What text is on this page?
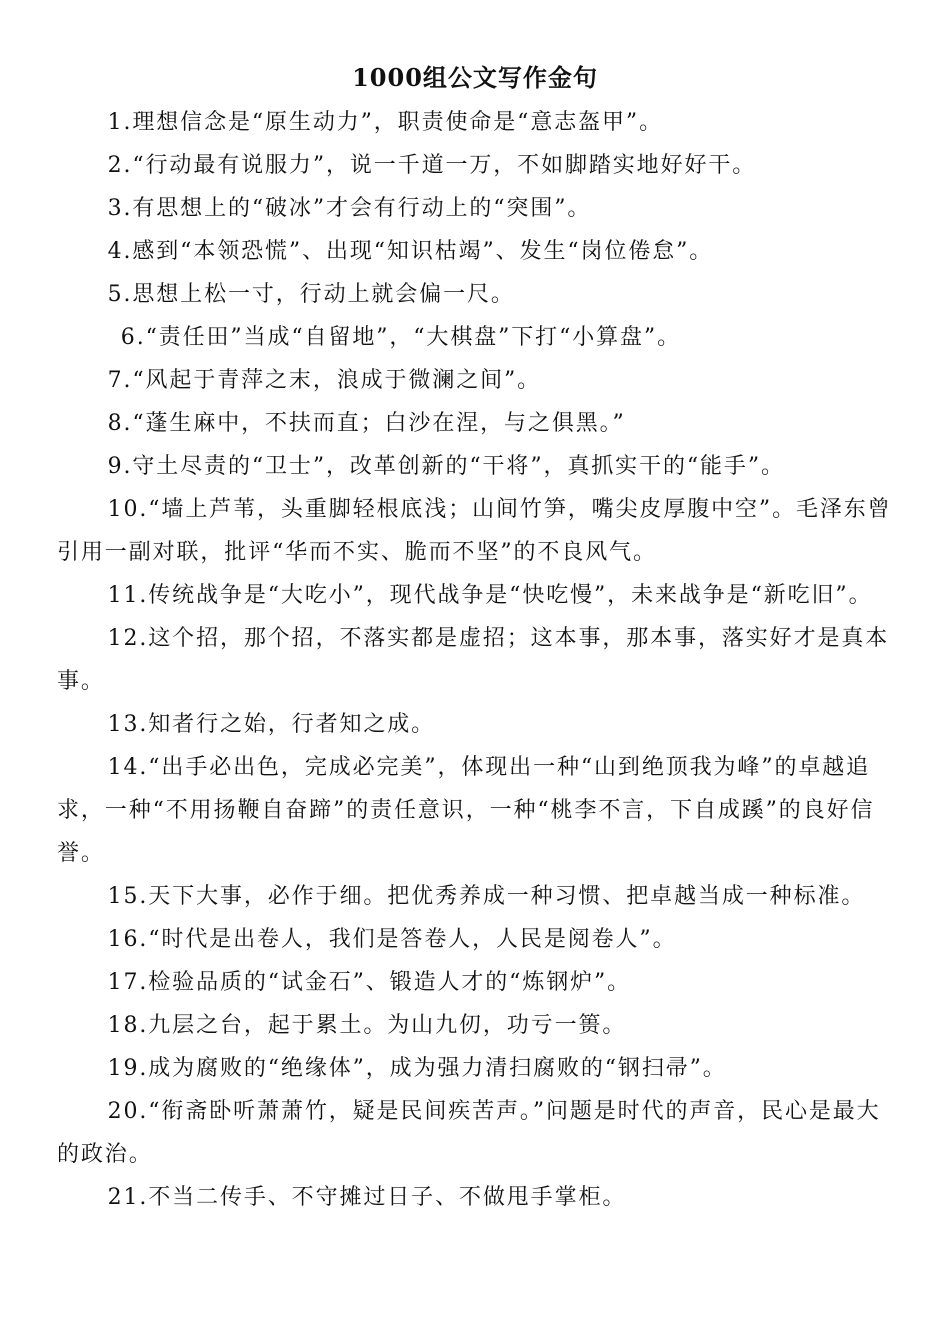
1000组公文写作金句

1.理想信念是“原生动力”，职责使命是“意志盔甲”。

2.“行动最有说服力”，说一千道一万，不如脚踏实地好好干。

3.有思想上的“破冰”才会有行动上的“突围”。

4.感到“本领恐慌”、出现“知识枯竭”、发生“岗位倦怠”。

5.思想上松一寸，行动上就会偏一尺。

6.“责任田”当成“自留地”，“大棋盘”下打“小算盘”。

7.“风起于青萍之末，浪成于微澜之间”。

8.“蓬生麻中，不扶而直；白沙在涅，与之俱黑。”

9.守土尽责的“卫士”，改革创新的“干将”，真抓实干的“能手”。

10.“墙上芦苇，头重脚轻根底浅；山间竹笋，嘴尖皮厚腹中空”。毛泽东曾引用一副对联，批评“华而不实、脆而不坚”的不良风气。

11.传统战争是“大吃小”，现代战争是“快吃慢”，未来战争是“新吃旧”。

12.这个招，那个招，不落实都是虚招；这本事，那本事，落实好才是真本事。

13.知者行之始，行者知之成。

14.“出手必出色，完成必完美”，体现出一种“山到绝顶我为峰”的卓越追求，一种“不用扬鞭自奋蹄”的责任意识，一种“桃李不言，下自成蹊”的良好信誉。

15.天下大事，必作于细。把优秀养成一种习惯、把卓越当成一种标准。

16.“时代是出卷人，我们是答卷人，人民是阅卷人”。

17.检验品质的“试金石”、锻造人才的“炼钢炉”。

18.九层之台，起于累土。为山九仞，功亏一篑。

19.成为腐败的“绝缘体”，成为强力清扫腐败的“钢扫帚”。

20.“衔斋卧听萧萧竹，疑是民间疾苦声。”问题是时代的声音，民心是最大的政治。

21.不当二传手、不守摊过日子、不做甩手掌柜。
